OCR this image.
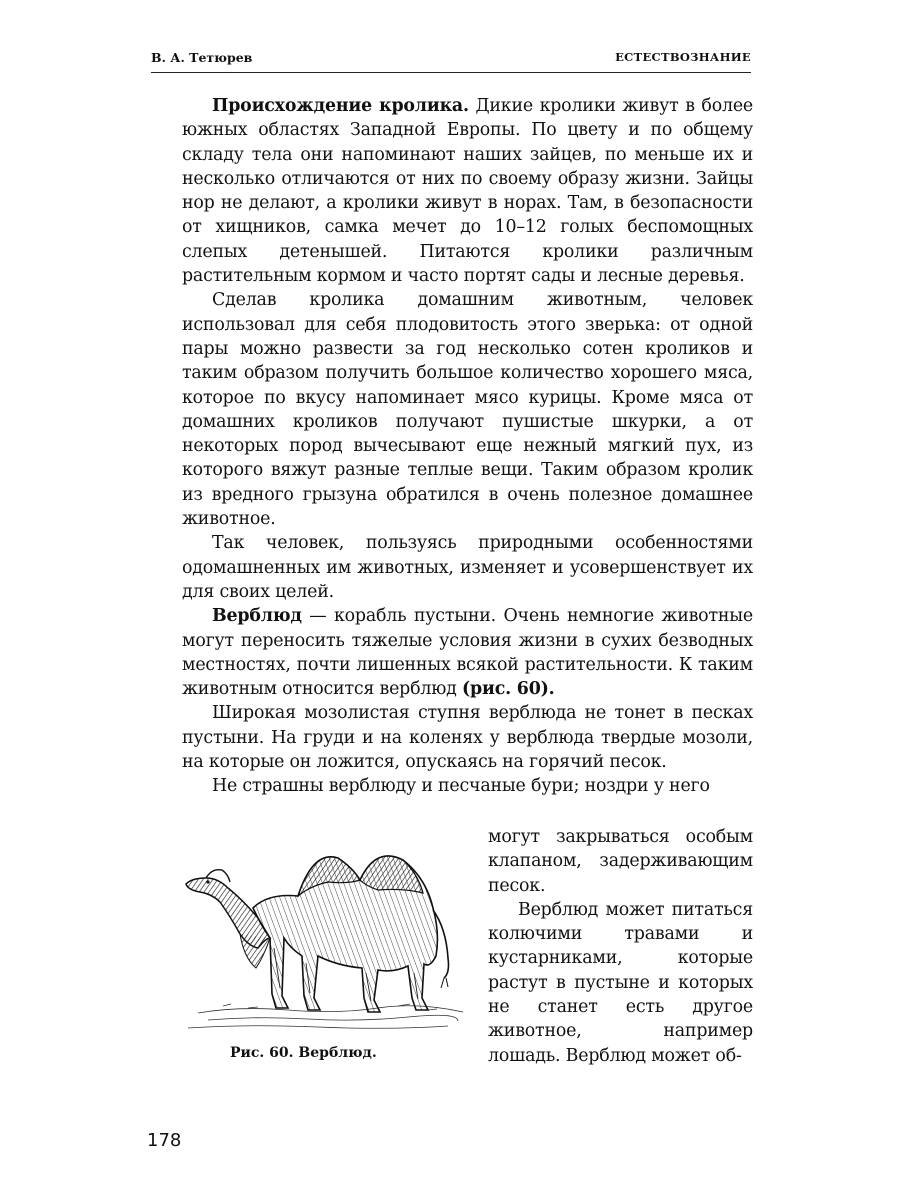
В. А. Тетюрев	ЕСТЕСТВОЗНАНИЕ

Происхождение кролика. Дикие кролики живут в более южных областях Западной Европы. По цвету и по общему складу тела они напоминают наших зайцев, по меньше их и несколько отличаются от них по своему образу жизни. Зайцы нор не делают, а кролики живут в норах. Там, в безопасности от хищников, самка мечет до 10–12 голых беспомощных слепых детенышей. Питаются кролики различным растительным кормом и часто портят сады и лесные деревья.

Сделав кролика домашним животным, человек использовал для себя плодовитость этого зверька: от одной пары можно развести за год несколько сотен кроликов и таким образом получить большое количество хорошего мяса, которое по вкусу напоминает мясо курицы. Кроме мяса от домашних кроликов получают пушистые шкурки, а от некоторых пород вычесывают еще нежный мягкий пух, из которого вяжут разные теплые вещи. Таким образом кролик из вредного грызуна обратился в очень полезное домашнее животное.

Так человек, пользуясь природными особенностями одомашненных им животных, изменяет и усовершенствует их для своих целей.

Верблюд — корабль пустыни. Очень немногие животные могут переносить тяжелые условия жизни в сухих безводных местностях, почти лишенных всякой растительности. К таким животным относится верблюд (рис. 60).

Широкая мозолистая ступня верблюда не тонет в песках пустыни. На груди и на коленях у верблюда твердые мозоли, на которые он ложится, опускаясь на горячий песок.

Не страшны верблюду и песчаные бури; ноздри у него

могут закрываться особым клапаном, задерживающим песок.

Верблюд может питаться колючими травами и кустарниками, которые растут в пустыне и которых не станет есть другое животное, например лошадь. Верблюд может об-

Рис. 60. Верблюд.
178
